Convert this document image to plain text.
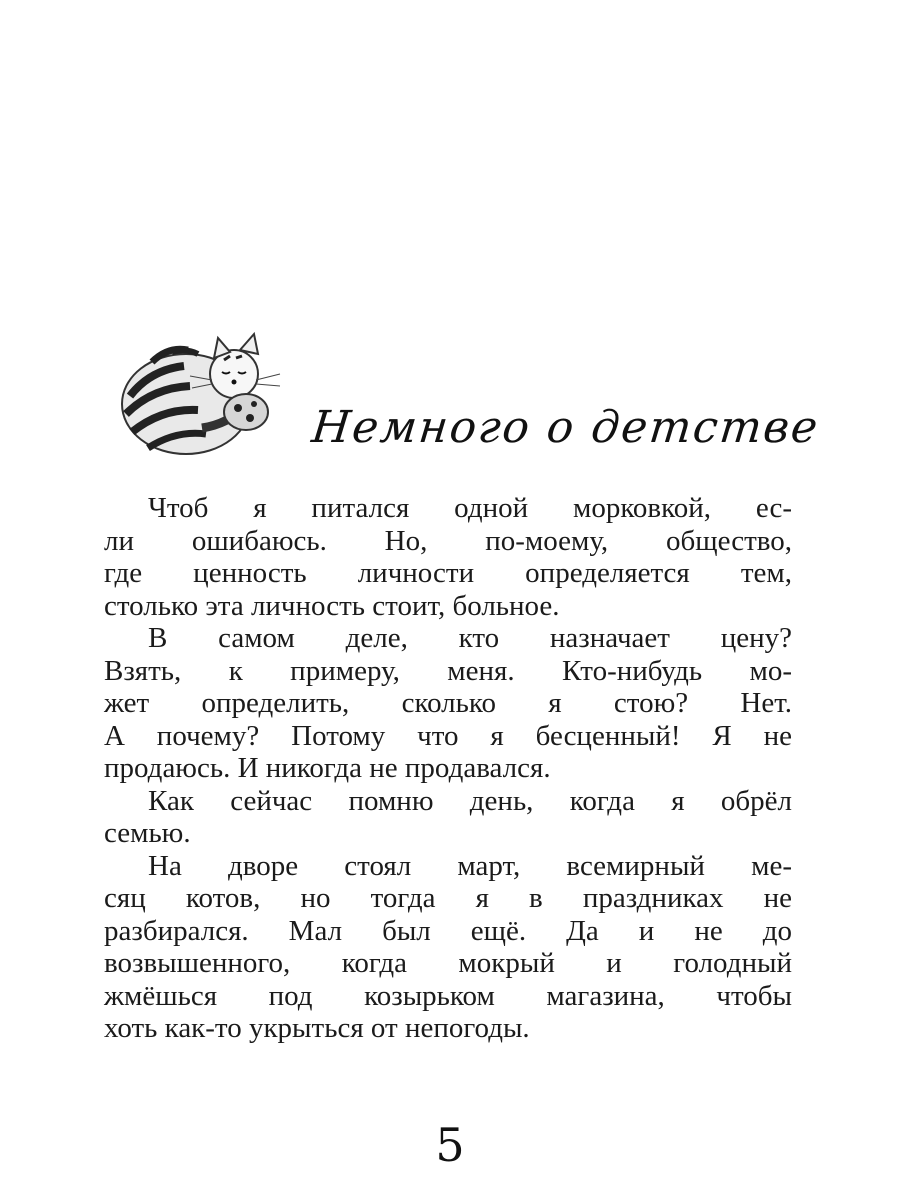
Немного о детстве
Чтоб я питался одной морковкой, ес-
ли ошибаюсь. Но, по-моему, общество,
где ценность личности определяется тем,
столько эта личность стоит, больное.
В самом деле, кто назначает цену?
Взять, к примеру, меня. Кто-нибудь мо-
жет определить, сколько я стою? Нет.
А почему? Потому что я бесценный! Я не
продаюсь. И никогда не продавался.
Как сейчас помню день, когда я обрёл
семью.
На дворе стоял март, всемирный ме-
сяц котов, но тогда я в праздниках не
разбирался. Мал был ещё. Да и не до
возвышенного, когда мокрый и голодный
жмёшься под козырьком магазина, чтобы
хоть как-то укрыться от непогоды.
5
